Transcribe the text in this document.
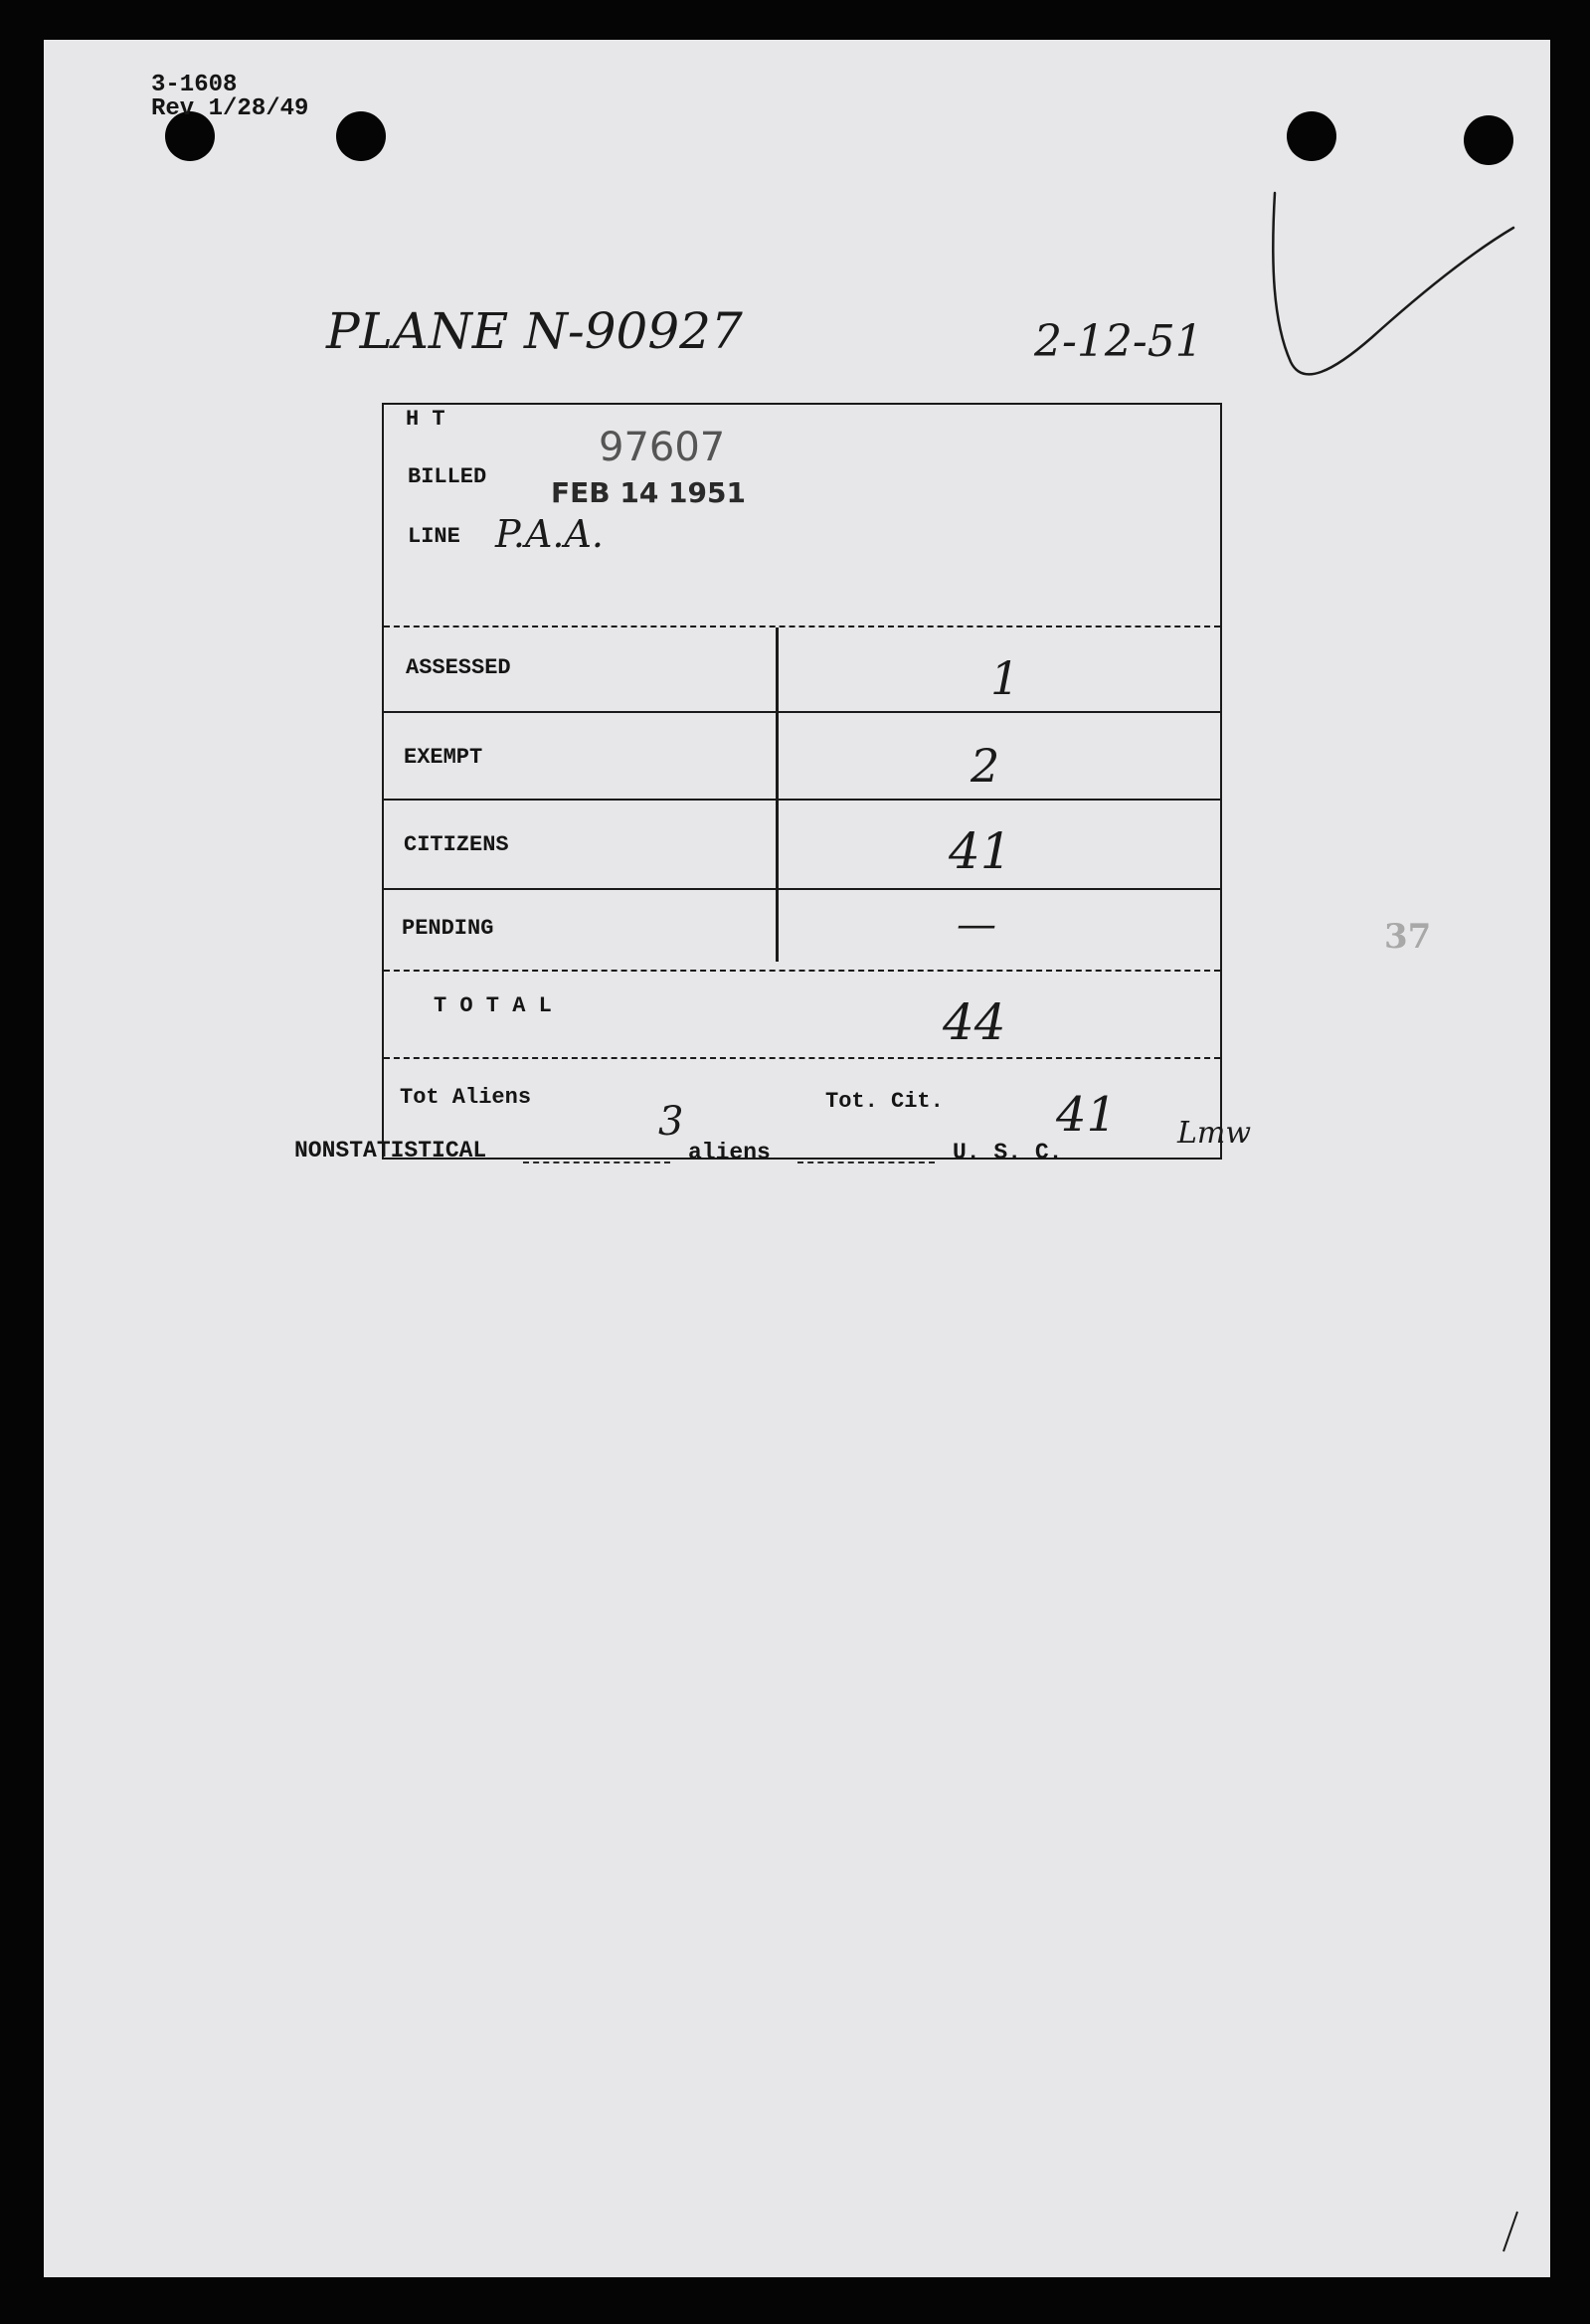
3-1608
Rev 1/28/49
PLANE N-90927	2-12-51
H T
BILLED
LINE P.A.A.
97607
FEB 14 1951
ASSESSED	1
EXEMPT	2
CITIZENS	41
PENDING	—
T O T A L	44
Tot Aliens
3	Tot. Cit. 41 Lmw
NONSTATISTICAL	aliens	U. S. C.
37
